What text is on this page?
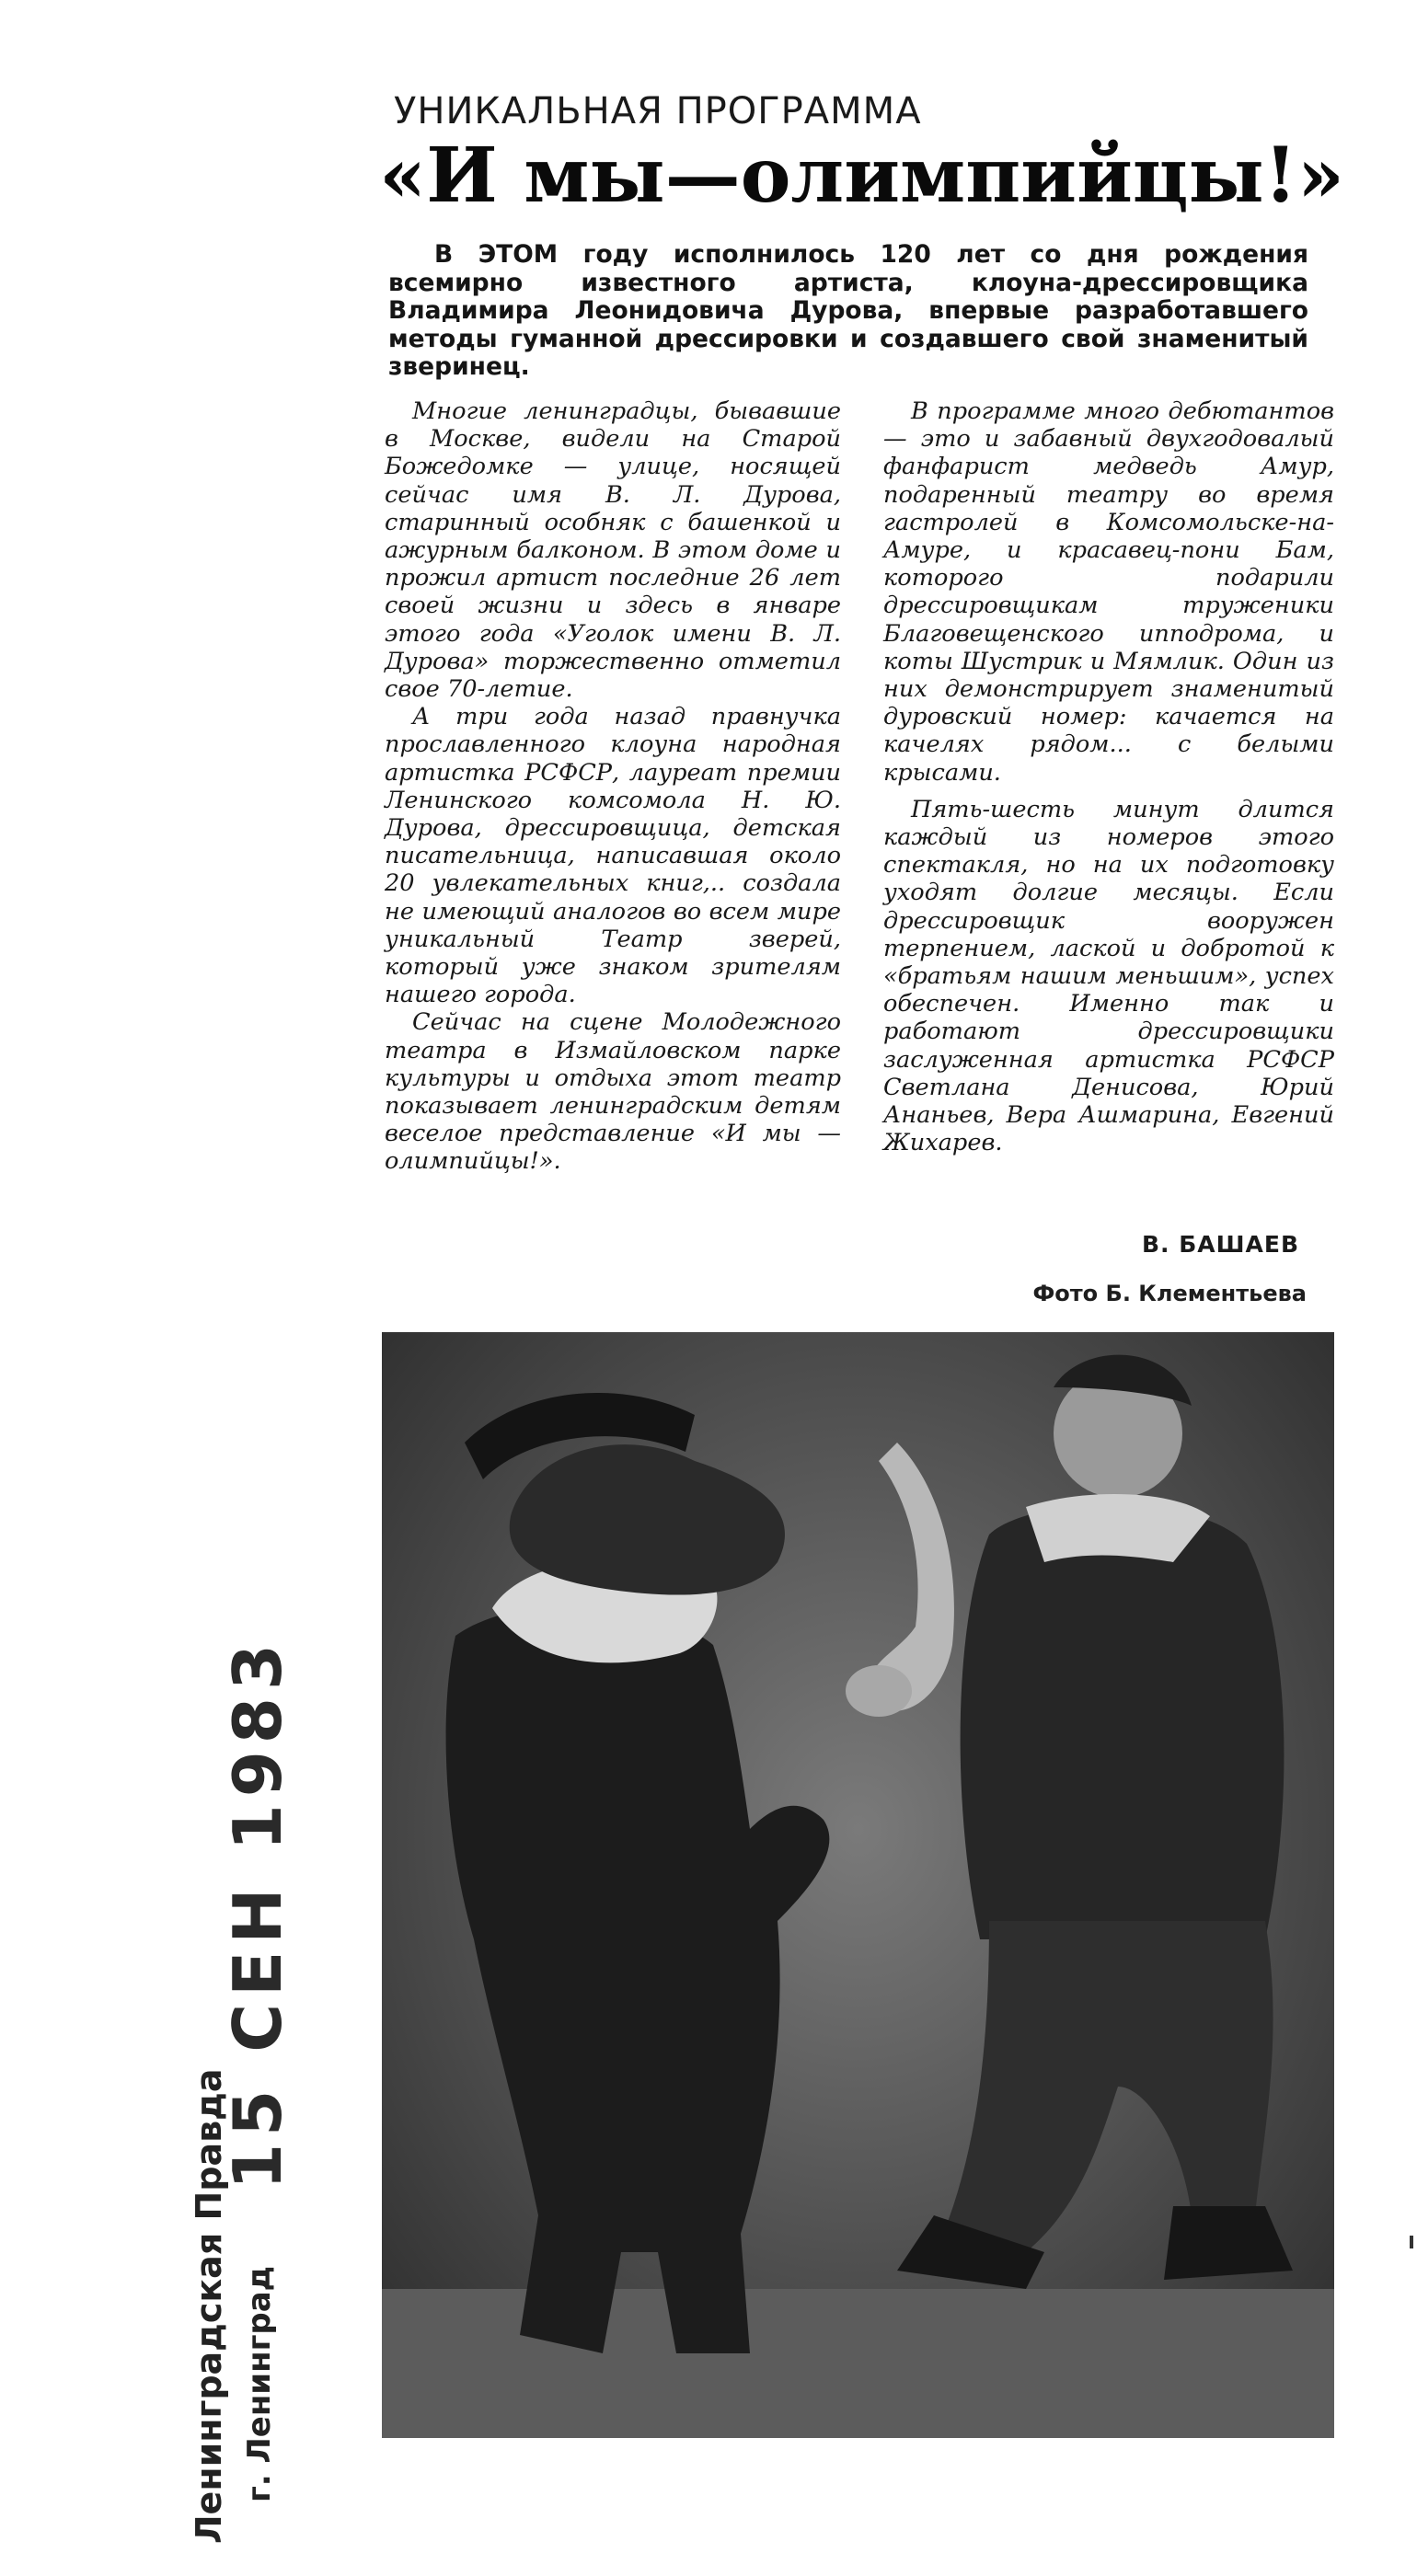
УНИКАЛЬНАЯ ПРОГРАММА
«И мы—олимпийцы!»
В ЭТОМ году исполнилось 120 лет со дня рождения всемирно известного артиста, клоуна-дрессировщика Владимира Леонидовича Дурова, впервые разработавшего методы гуманной дрессировки и создавшего свой знаменитый зверинец.

Многие ленинградцы, бывавшие в Москве, видели на Старой Божедомке — улице, носящей сейчас имя В. Л. Дурова, старинный особняк с башенкой и ажурным балконом. В этом доме и прожил артист последние 26 лет своей жизни и здесь в январе этого года «Уголок имени В. Л. Дурова» торжественно отметил свое 70-летие.

А три года назад правнучка прославленного клоуна народная артистка РСФСР, лауреат премии Ленинского комсомола Н. Ю. Дурова, дрессировщица, детская писательница, написавшая около 20 увлекательных книг,.. создала не имеющий аналогов во всем мире уникальный Театр зверей, который уже знаком зрителям нашего города.

Сейчас на сцене Молодежного театра в Измайловском парке культуры и отдыха этот театр показывает ленинградским детям веселое представление «И мы — олимпийцы!».

В программе много дебютантов — это и забавный двухгодовалый фанфарист медведь Амур, подаренный театру во время гастролей в Комсомольске-на-Амуре, и красавец-пони Бам, которого подарили дрессировщикам труженики Благовещенского ипподрома, и коты Шустрик и Мямлик. Один из них демонстрирует знаменитый дуровский номер: качается на качелях рядом... с белыми крысами.

Пять-шесть минут длится каждый из номеров этого спектакля, но на их подготовку уходят долгие месяцы. Если дрессировщик вооружен терпением, лаской и добротой к «братьям нашим меньшим», успех обеспечен. Именно так и работают дрессировщики заслуженная артистка РСФСР Светлана Денисова, Юрий Ананьев, Вера Ашмарина, Евгений Жихарев.

В. БАШАЕВ
Фото Б. Клементьева
15 СЕН 1983
Ленинградская Правда г. Ленинград
